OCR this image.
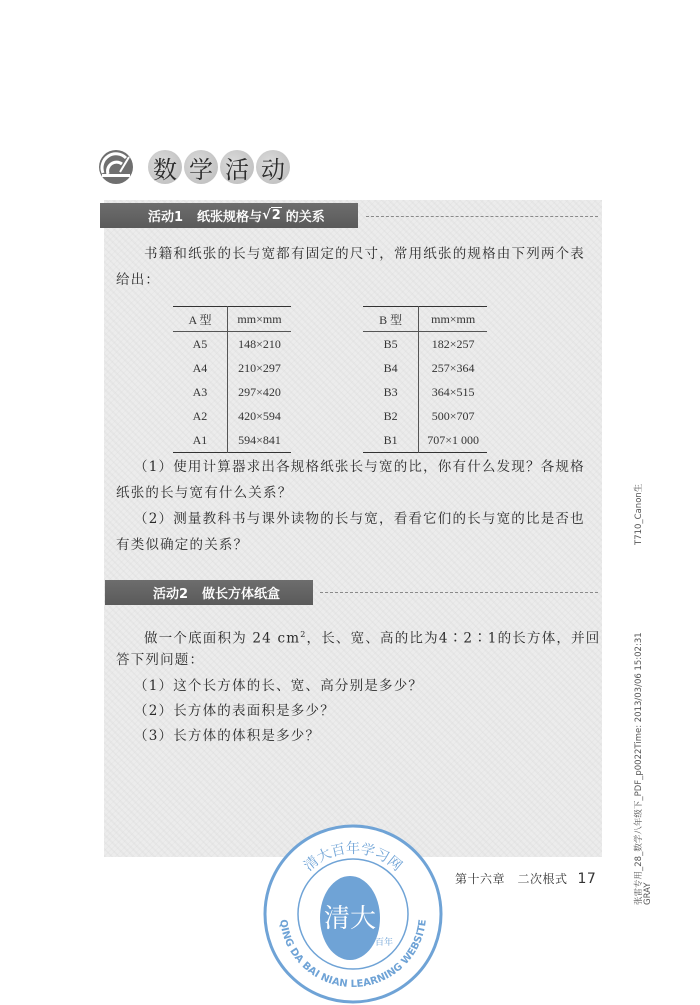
数 学 活 动
活动1 纸张规格与 √2 的关系
书籍和纸张的长与宽都有固定的尺寸，常用纸张的规格由下列两个表
给出：
A 型	mm×mm
A5	148×210
A4	210×297
A3	297×420
A2	420×594
A1	594×841
B 型	mm×mm
B5	182×257
B4	257×364
B3	364×515
B2	500×707
B1	707×1 000
（1）使用计算器求出各规格纸张长与宽的比，你有什么发现？各规格
纸张的长与宽有什么关系？
（2）测量教科书与课外读物的长与宽，看看它们的长与宽的比是否也
有类似确定的关系？
活动2 做长方体纸盒
做一个底面积为 24 $cm^2$，长、宽、高的比为4∶2∶1的长方体，并回
答下列问题：
（1）这个长方体的长、宽、高分别是多少？
（2）长方体的表面积是多少？
（3）长方体的体积是多少？
第十六章　二次根式 17
T710_Canon生
张雷专用_28_数学八年级下_PDF_p0022Time: 2013/03/06 15:02:31 GRAY
清大百年学习网
QING DA BAI NIAN LEARNING WEBSITE
清大
百年
